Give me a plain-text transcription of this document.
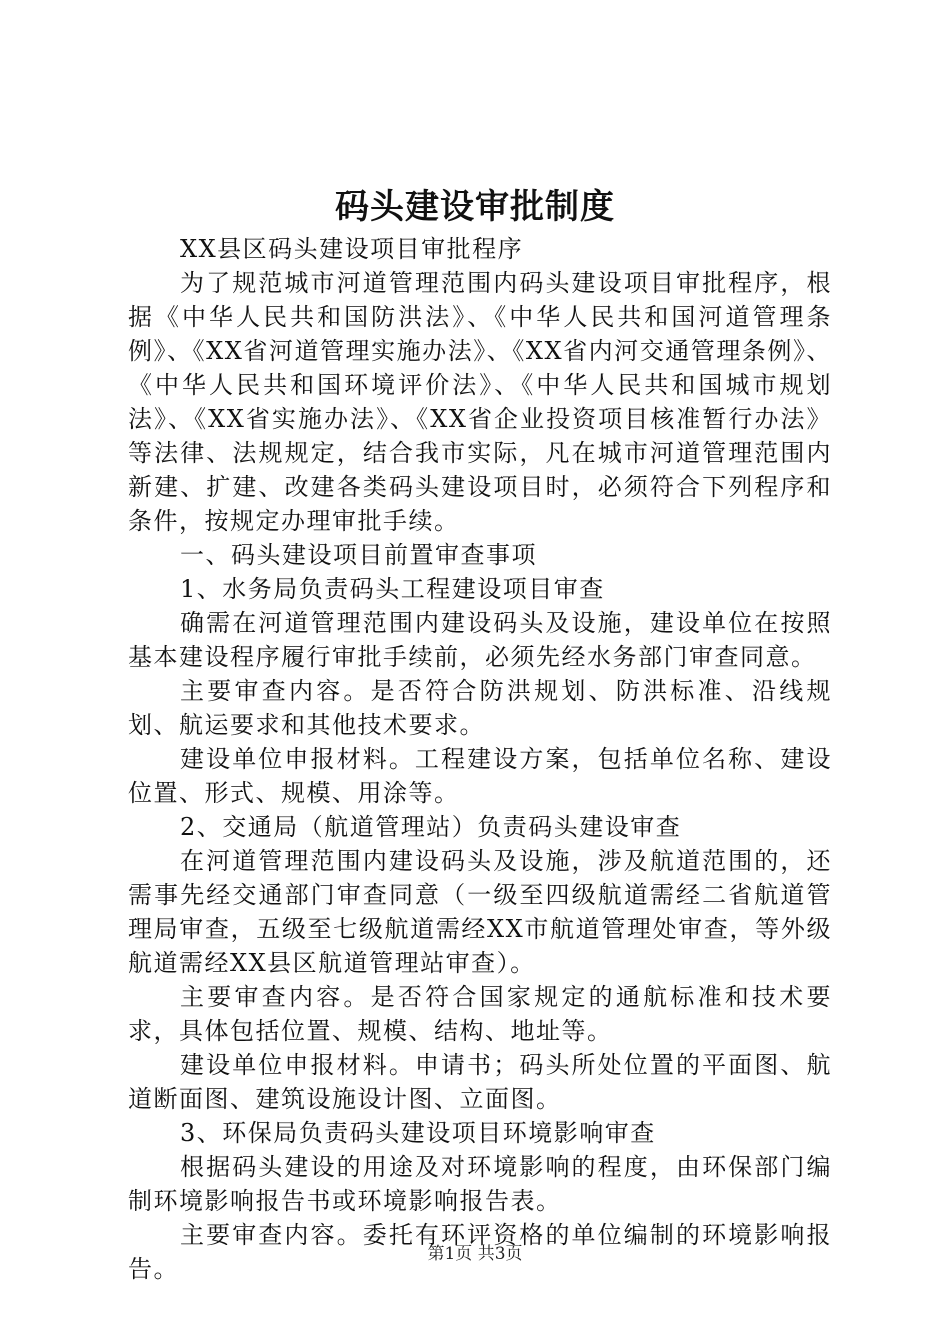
码头建设审批制度

XX县区码头建设项目审批程序

为了规范城市河道管理范围内码头建设项目审批程序，根据《中华人民共和国防洪法》、《中华人民共和国河道管理条例》、《XX省河道管理实施办法》、《XX省内河交通管理条例》、《中华人民共和国环境评价法》、《中华人民共和国城市规划法》、《XX省实施办法》、《XX省企业投资项目核准暂行办法》等法律、法规规定，结合我市实际，凡在城市河道管理范围内新建、扩建、改建各类码头建设项目时，必须符合下列程序和条件，按规定办理审批手续。

一、码头建设项目前置审查事项

1、水务局负责码头工程建设项目审查

确需在河道管理范围内建设码头及设施，建设单位在按照基本建设程序履行审批手续前，必须先经水务部门审查同意。

主要审查内容。是否符合防洪规划、防洪标准、沿线规划、航运要求和其他技术要求。

建设单位申报材料。工程建设方案，包括单位名称、建设位置、形式、规模、用涂等。

2、交通局（航道管理站）负责码头建设审查

在河道管理范围内建设码头及设施，涉及航道范围的，还需事先经交通部门审查同意（一级至四级航道需经二省航道管理局审查，五级至七级航道需经XX市航道管理处审查，等外级航道需经XX县区航道管理站审查）。

主要审查内容。是否符合国家规定的通航标准和技术要求，具体包括位置、规模、结构、地址等。

建设单位申报材料。申请书；码头所处位置的平面图、航道断面图、建筑设施设计图、立面图。

3、环保局负责码头建设项目环境影响审查

根据码头建设的用途及对环境影响的程度，由环保部门编制环境影响报告书或环境影响报告表。

主要审查内容。委托有环评资格的单位编制的环境影响报告。

第1页 共3页
